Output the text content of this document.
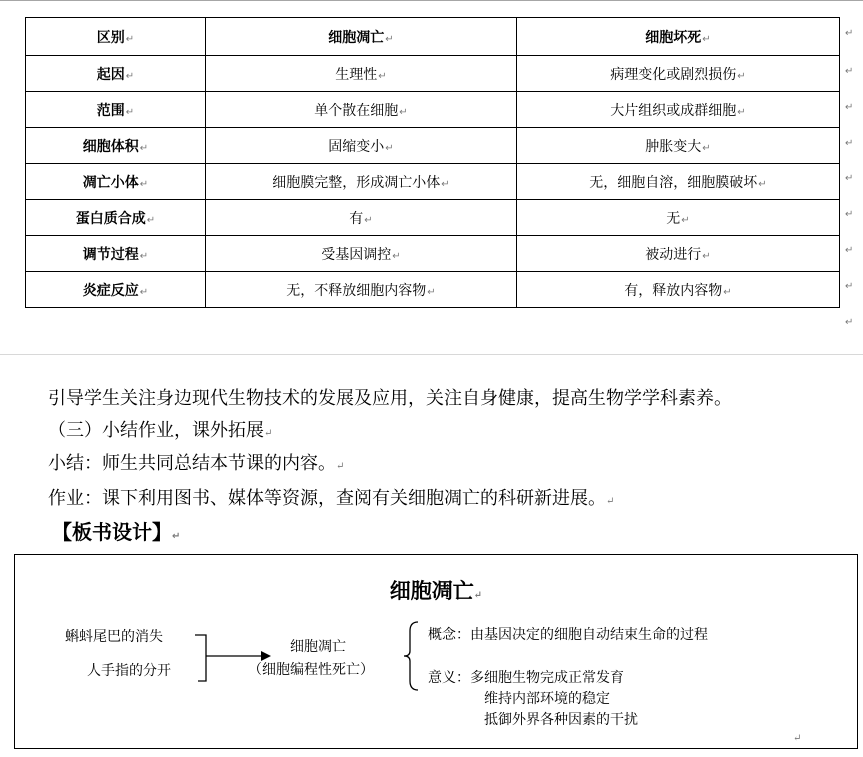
区别↵	细胞凋亡↵	细胞坏死↵
起因↵	生理性↵	病理变化或剧烈损伤↵
范围↵	单个散在细胞↵	大片组织或成群细胞↵
细胞体积↵	固缩变小↵	肿胀变大↵
凋亡小体↵	细胞膜完整，形成凋亡小体↵	无，细胞自溶，细胞膜破坏↵
蛋白质合成↵	有↵	无↵
调节过程↵	受基因调控↵	被动进行↵
炎症反应↵	无，不释放细胞内容物↵	有，释放内容物↵
↵
↵
↵
↵
↵
↵
↵
↵
↵
引导学生关注身边现代生物技术的发展及应用，关注自身健康，提高生物学学科素养。
（三）小结作业，课外拓展↵
小结：师生共同总结本节课的内容。↵
作业：课下利用图书、媒体等资源，查阅有关细胞凋亡的科研新进展。↵
【板书设计】↵
细胞凋亡↵
蝌蚪尾巴的消失
人手指的分开
细胞凋亡
（细胞编程性死亡）
概念：由基因决定的细胞自动结束生命的过程
意义：多细胞生物完成正常发育
维持内部环境的稳定
抵御外界各种因素的干扰
↵
